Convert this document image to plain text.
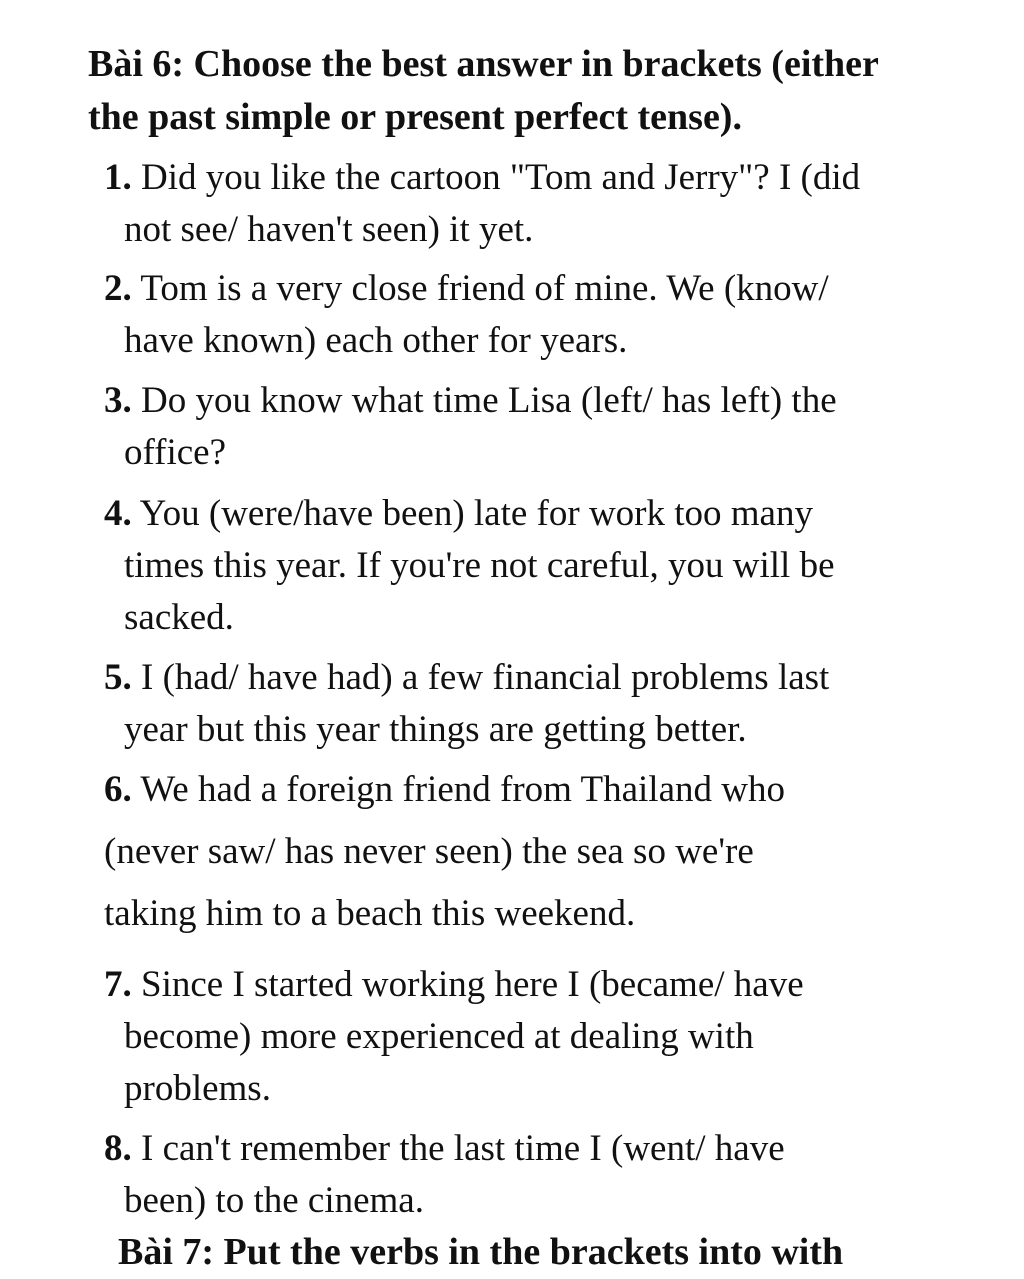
Bài 6: Choose the best answer in brackets (either
the past simple or present perfect tense).
1. Did you like the cartoon "Tom and Jerry"? I (did
not see/ haven't seen) it yet.
2. Tom is a very close friend of mine. We (know/
have known) each other for years.
3. Do you know what time Lisa (left/ has left) the
office?
4. You (were/have been) late for work too many
times this year. If you're not careful, you will be
sacked.
5. I (had/ have had) a few financial problems last
year but this year things are getting better.
6. We had a foreign friend from Thailand who
(never saw/ has never seen) the sea so we're
taking him to a beach this weekend.
7. Since I started working here I (became/ have
become) more experienced at dealing with
problems.
8. I can't remember the last time I (went/ have
been) to the cinema.
Bài 7: Put the verbs in the brackets into with
